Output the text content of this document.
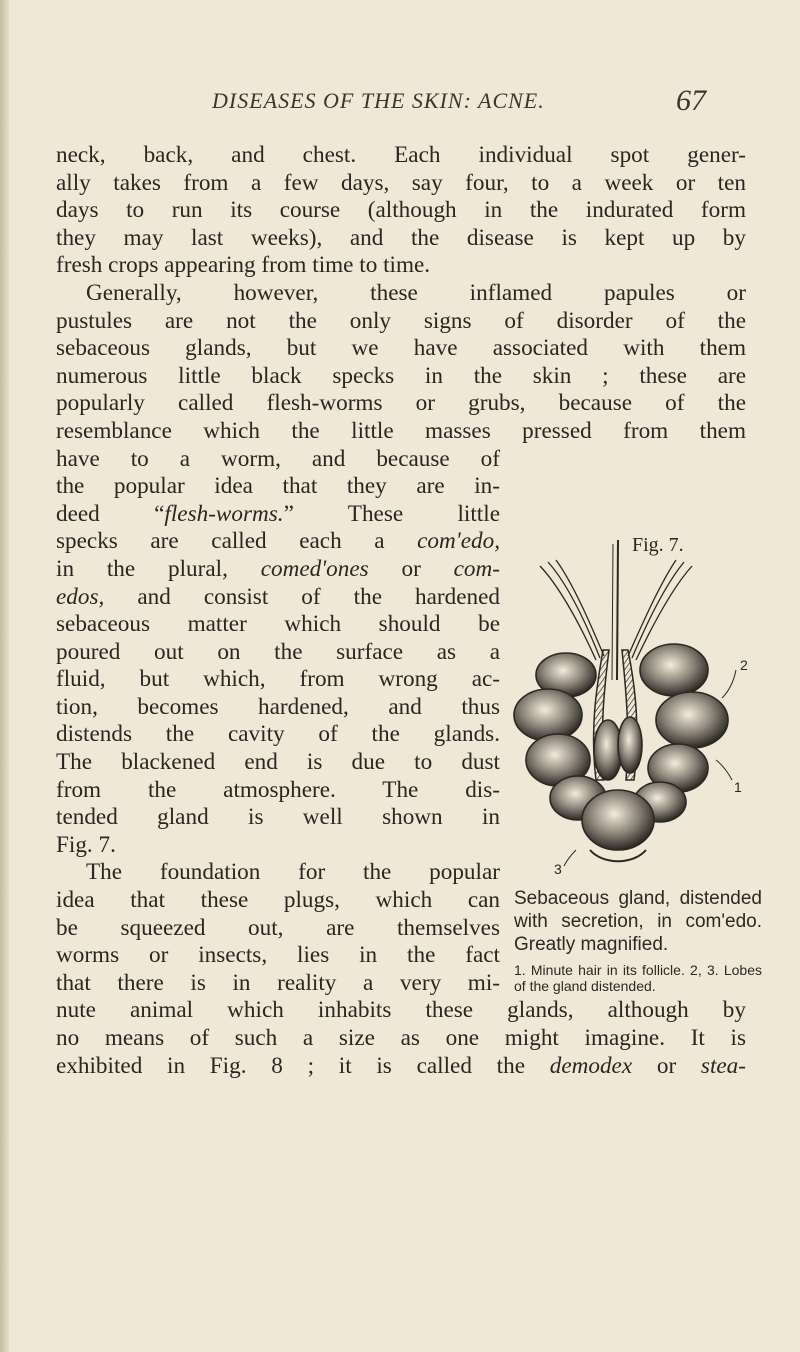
DISEASES OF THE SKIN: ACNE.	67
neck, back, and chest. Each individual spot gener-
ally takes from a few days, say four, to a week or ten
days to run its course (although in the indurated form
they may last weeks), and the disease is kept up by
fresh crops appearing from time to time.
Generally, however, these inflamed papules or
pustules are not the only signs of disorder of the
sebaceous glands, but we have associated with them
numerous little black specks in the skin ; these are
popularly called flesh-worms or grubs, because of the
resemblance which the little masses pressed from them
have to a worm, and because of
the popular idea that they are in-
deed “flesh-worms.” These little
specks are called each a com'edo,
in the plural, comed'ones or com-
edos, and consist of the hardened
sebaceous matter which should be
poured out on the surface as a
fluid, but which, from wrong ac-
tion, becomes hardened, and thus
distends the cavity of the glands.
The blackened end is due to dust
from the atmosphere. The dis-
tended gland is well shown in
Fig. 7.
The foundation for the popular
idea that these plugs, which can
be squeezed out, are themselves
worms or insects, lies in the fact
that there is in reality a very mi-
nute animal which inhabits these glands, although by
no means of such a size as one might imagine. It is
exhibited in Fig. 8 ; it is called the demodex or stea-
Fig. 7.
2
1
3
Sebaceous gland, distended with secretion, in com'edo. Greatly magnified.
1. Minute hair in its follicle. 2, 3. Lobes of the gland distended.
